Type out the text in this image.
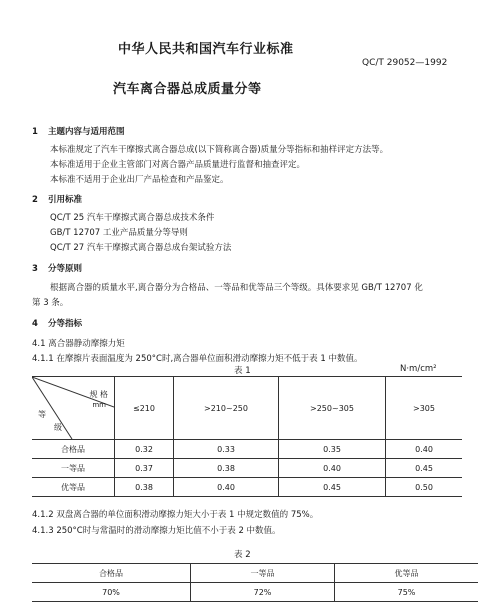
中华人民共和国汽车行业标准
QC/T 29052—1992
汽车离合器总成质量分等
1 主题内容与适用范围
本标准规定了汽车干摩擦式离合器总成(以下简称离合器)质量分等指标和抽样评定方法等。
本标准适用于企业主管部门对离合器产品质量进行监督和抽查评定。
本标准不适用于企业出厂产品检查和产品鉴定。
2 引用标准
QC/T 25 汽车干摩擦式离合器总成技术条件
GB/T 12707 工业产品质量分等导则
QC/T 27 汽车干摩擦式离合器总成台架试验方法
3 分等原则
根据离合器的质量水平,离合器分为合格品、一等品和优等品三个等级。具体要求见 GB/T 12707 化
第 3 条。
4 分等指标
4.1 离合器静动摩擦力矩
4.1.1 在摩擦片表面温度为 250°C时,离合器单位面积滑动摩擦力矩不低于表 1 中数值。
表 1	N·m/cm²
规 格
mm
等
级	≤210	>210~250	>250~305	>305
合格品	0.32	0.33	0.35	0.40
一等品	0.37	0.38	0.40	0.45
优等品	0.38	0.40	0.45	0.50
4.1.2 双盘离合器的单位面积滑动摩擦力矩大小于表 1 中规定数值的 75%。
4.1.3 250°C时与常温时的滑动摩擦力矩比值不小于表 2 中数值。
表 2
合格品	一等品	优等品
70%	72%	75%
